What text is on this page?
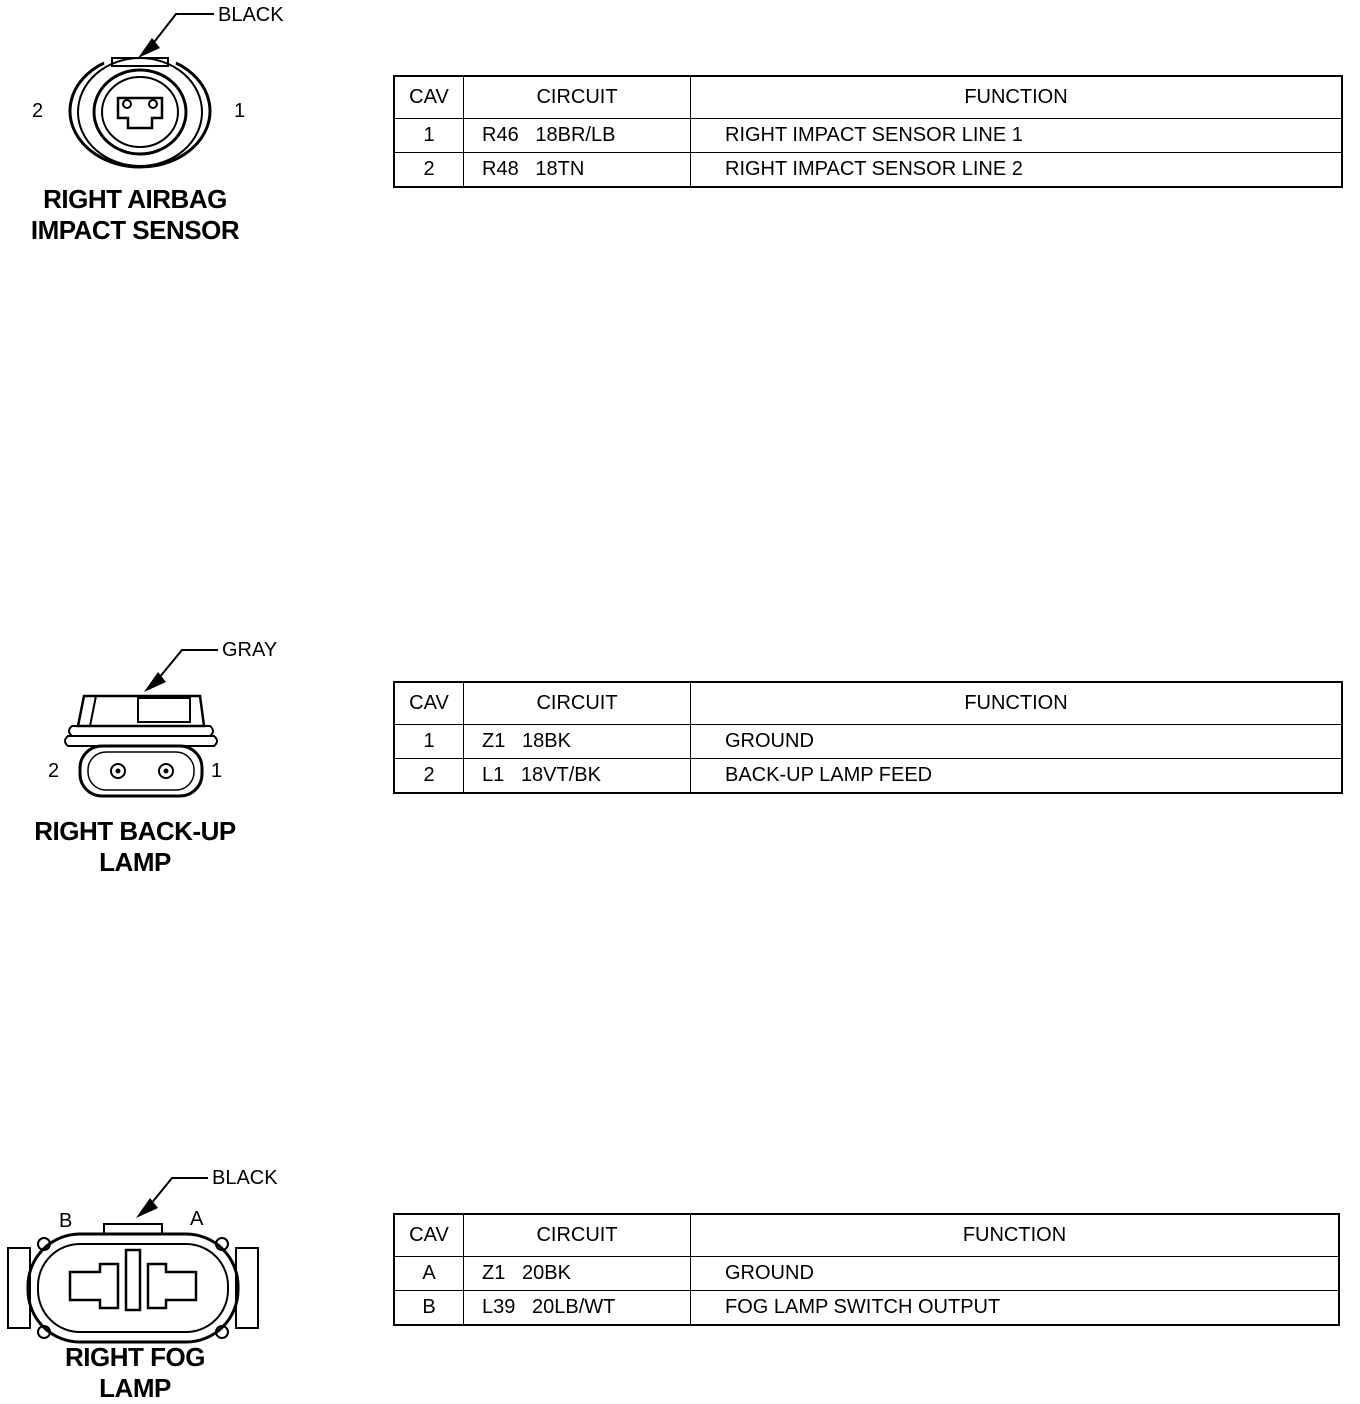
BLACK
2	1
RIGHT AIRBAG
IMPACT SENSOR
CAV	CIRCUIT	FUNCTION
1	R46   18BR/LB	RIGHT IMPACT SENSOR LINE 1
2	R48   18TN	RIGHT IMPACT SENSOR LINE 2
GRAY
2	1
RIGHT BACK-UP
LAMP
CAV	CIRCUIT	FUNCTION
1	Z1   18BK	GROUND
2	L1   18VT/BK	BACK-UP LAMP FEED
BLACK
B	A
RIGHT FOG
LAMP
CAV	CIRCUIT	FUNCTION
A	Z1   20BK	GROUND
B	L39   20LB/WT	FOG LAMP SWITCH OUTPUT
